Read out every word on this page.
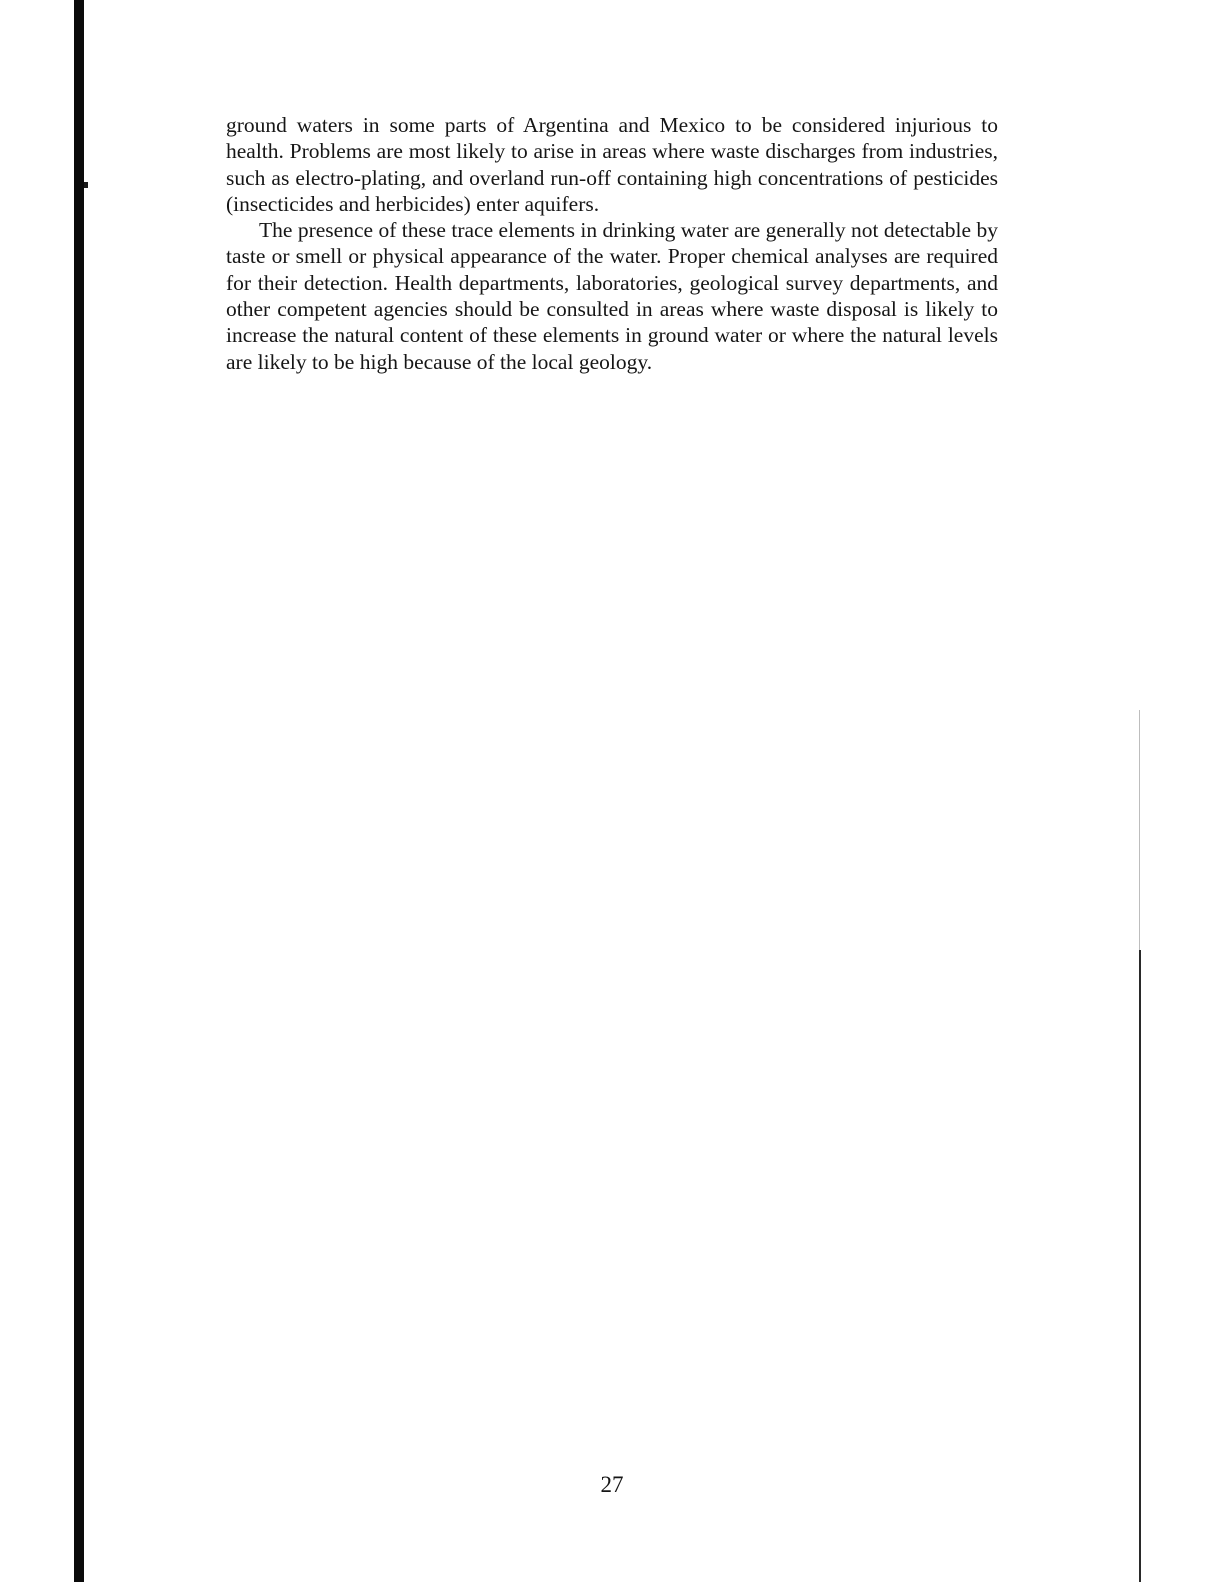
ground waters in some parts of Argentina and Mexico to be considered injurious to health. Problems are most likely to arise in areas where waste discharges from industries, such as electro-plating, and overland run-off containing high concentrations of pesticides (insecticides and herbicides) enter aquifers.

The presence of these trace elements in drinking water are generally not detectable by taste or smell or physical appearance of the water. Proper chemical analyses are required for their detection. Health departments, laboratories, geological survey departments, and other competent agencies should be consulted in areas where waste disposal is likely to increase the natural content of these elements in ground water or where the natural levels are likely to be high because of the local geology.

27
